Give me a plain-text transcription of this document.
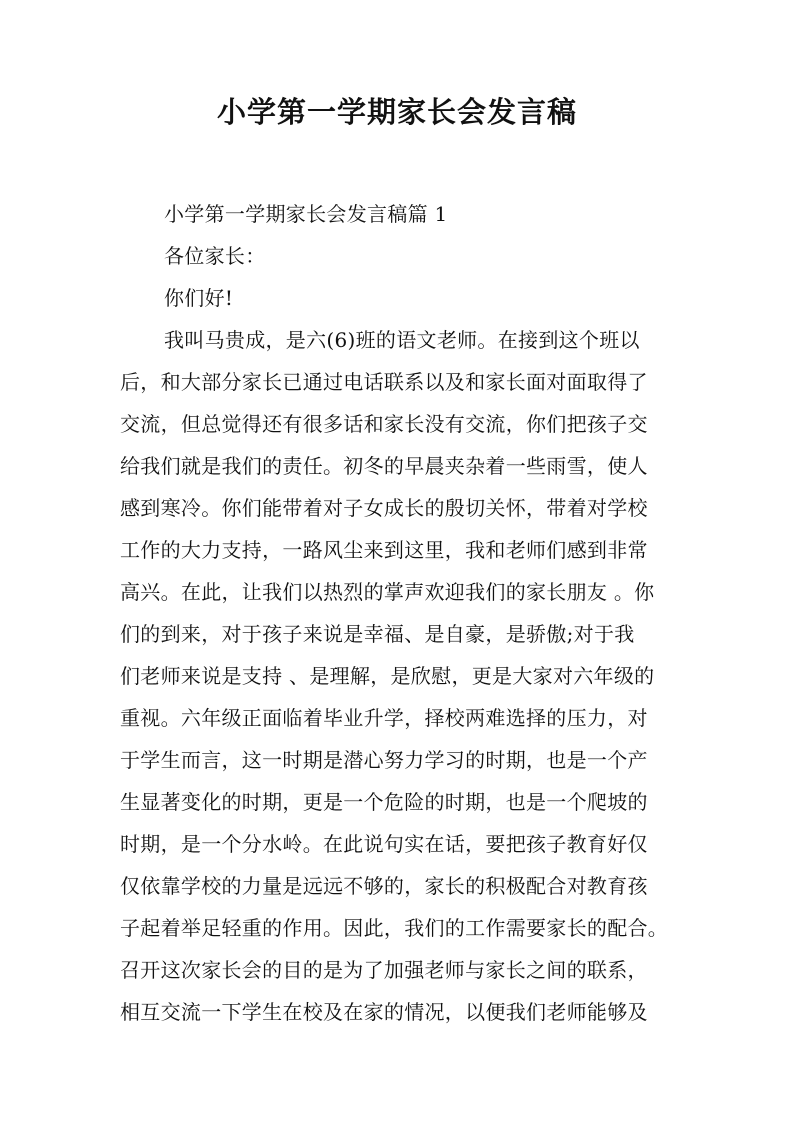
小学第一学期家长会发言稿

小学第一学期家长会发言稿篇 1

各位家长：

你们好!

我叫马贵成，是六(6)班的语文老师。在接到这个班以

后，和大部分家长已通过电话联系以及和家长面对面取得了

交流，但总觉得还有很多话和家长没有交流，你们把孩子交

给我们就是我们的责任。初冬的早晨夹杂着一些雨雪，使人

感到寒冷。你们能带着对子女成长的殷切关怀，带着对学校

工作的大力支持，一路风尘来到这里，我和老师们感到非常

高兴。在此，让我们以热烈的掌声欢迎我们的家长朋友 。你

们的到来，对于孩子来说是幸福、是自豪，是骄傲;对于我

们老师来说是支持 、是理解，是欣慰，更是大家对六年级的

重视。六年级正面临着毕业升学，择校两难选择的压力，对

于学生而言，这一时期是潜心努力学习的时期，也是一个产

生显著变化的时期，更是一个危险的时期，也是一个爬坡的

时期，是一个分水岭。在此说句实在话，要把孩子教育好仅

仅依靠学校的力量是远远不够的，家长的积极配合对教育孩

子起着举足轻重的作用。因此，我们的工作需要家长的配合。

召开这次家长会的目的是为了加强老师与家长之间的联系，

相互交流一下学生在校及在家的情况，以便我们老师能够及
